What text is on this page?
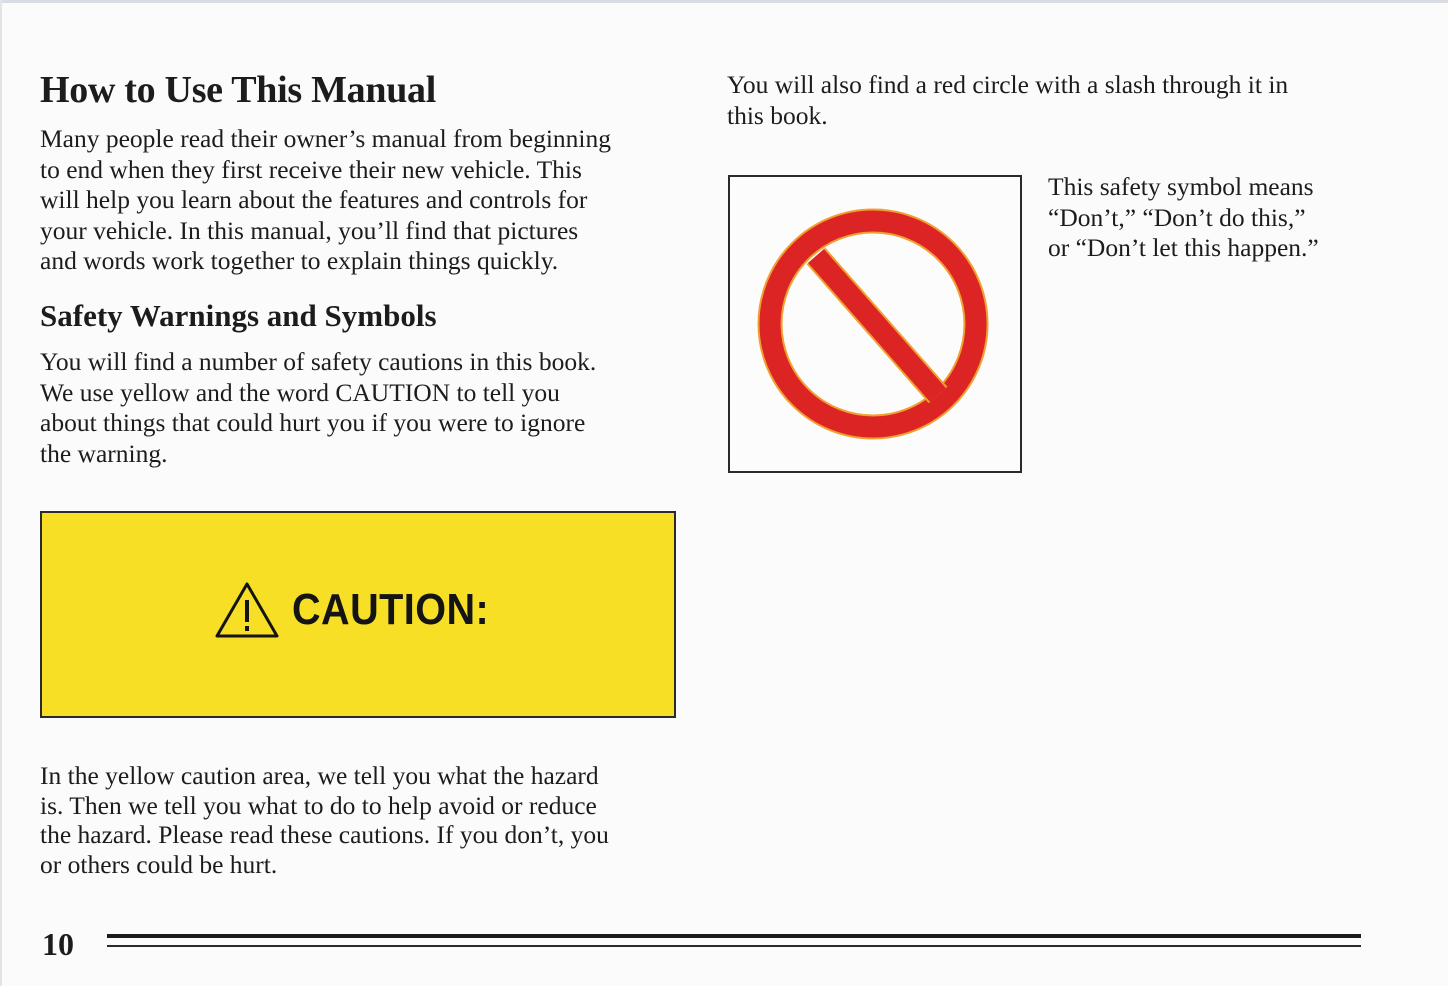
How to Use This Manual

Many people read their owner’s manual from beginning
to end when they first receive their new vehicle. This
will help you learn about the features and controls for
your vehicle. In this manual, you’ll find that pictures
and words work together to explain things quickly.

Safety Warnings and Symbols

You will find a number of safety cautions in this book.
We use yellow and the word CAUTION to tell you
about things that could hurt you if you were to ignore
the warning.

CAUTION:

In the yellow caution area, we tell you what the hazard
is. Then we tell you what to do to help avoid or reduce
the hazard. Please read these cautions. If you don’t, you
or others could be hurt.

You will also find a red circle with a slash through it in
this book.

This safety symbol means
“Don’t,” “Don’t do this,”
or “Don’t let this happen.”

10
